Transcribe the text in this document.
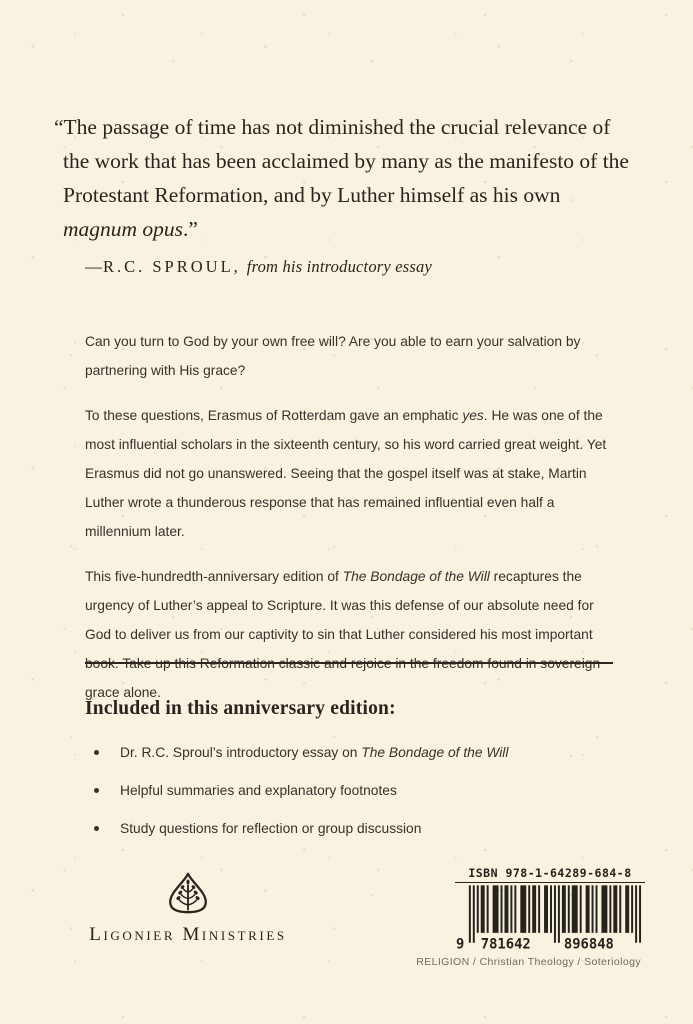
“The passage of time has not diminished the crucial relevance of the work that has been acclaimed by many as the manifesto of the Protestant Reformation, and by Luther himself as his own magnum opus.”
—R.C. SPROUL, from his introductory essay

Can you turn to God by your own free will? Are you able to earn your salvation by partnering with His grace?

To these questions, Erasmus of Rotterdam gave an emphatic yes. He was one of the most influential scholars in the sixteenth century, so his word carried great weight. Yet Erasmus did not go unanswered. Seeing that the gospel itself was at stake, Martin Luther wrote a thunderous response that has remained influential even half a millennium later.

This five-hundredth-anniversary edition of The Bondage of the Will recaptures the urgency of Luther’s appeal to Scripture. It was this defense of our absolute need for God to deliver us from our captivity to sin that Luther considered his most important book. Take up this Reformation classic and rejoice in the freedom found in sovereign grace alone.

Included in this anniversary edition:
Dr. R.C. Sproul’s introductory essay on The Bondage of the Will
Helpful summaries and explanatory footnotes
Study questions for reflection or group discussion
Ligonier Ministries
ISBN 978-1-64289-684-8
9 781642 896848
RELIGION / Christian Theology / Soteriology
